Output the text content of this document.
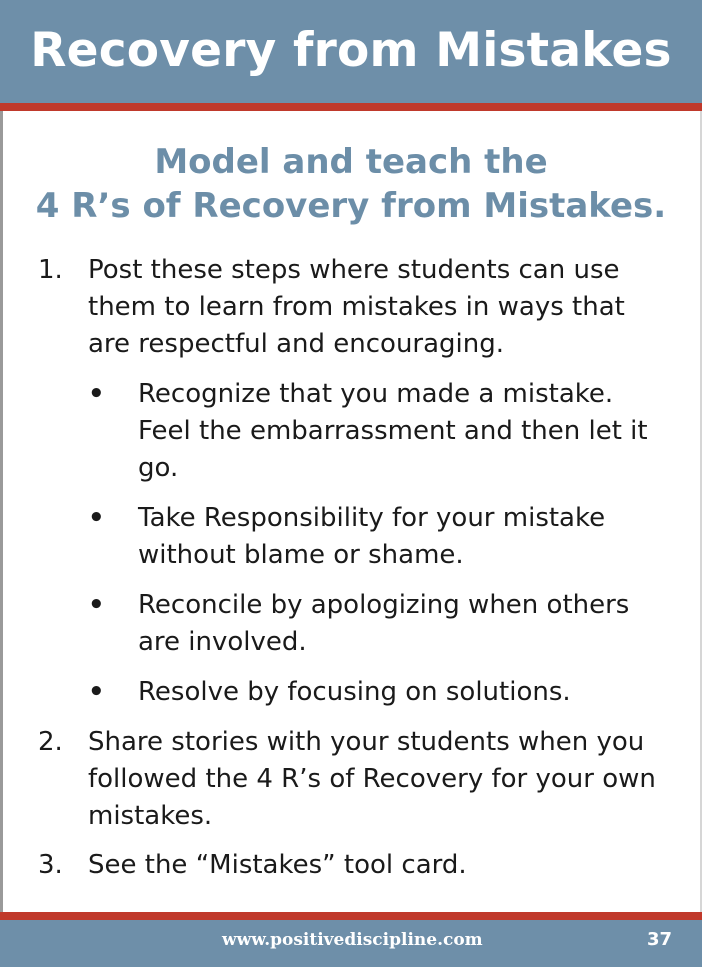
Recovery from Mistakes
Model and teach the
4 R’s of Recovery from Mistakes.
1. Post these steps where students can use them to learn from mistakes in ways that are respectful and encouraging.
• Recognize that you made a mistake. Feel the embarrassment and then let it go.
• Take Responsibility for your mistake without blame or shame.
• Reconcile by apologizing when others are involved.
• Resolve by focusing on solutions.
2. Share stories with your students when you followed the 4 R’s of Recovery for your own mistakes.
3. See the “Mistakes” tool card.
www.positivediscipline.com	37
